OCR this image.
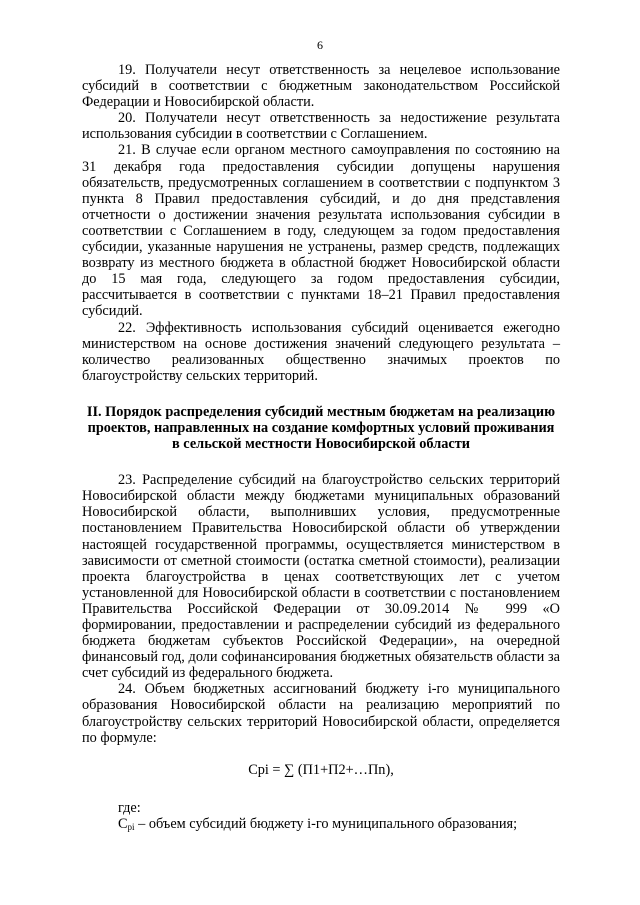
6

19. Получатели несут ответственность за нецелевое использование субсидий в соответствии с бюджетным законодательством Российской Федерации и Новосибирской области.

20. Получатели несут ответственность за недостижение результата использования субсидии в соответствии с Соглашением.

21. В случае если органом местного самоуправления по состоянию на 31 декабря года предоставления субсидии допущены нарушения обязательств, предусмотренных соглашением в соответствии с подпунктом 3 пункта 8 Правил предоставления субсидий, и до дня представления отчетности о достижении значения результата использования субсидии в соответствии с Соглашением в году, следующем за годом предоставления субсидии, указанные нарушения не устранены, размер средств, подлежащих возврату из местного бюджета в областной бюджет Новосибирской области до 15 мая года, следующего за годом предоставления субсидии, рассчитывается в соответствии с пунктами 18–21 Правил предоставления субсидий.

22. Эффективность использования субсидий оценивается ежегодно министерством на основе достижения значений следующего результата – количество реализованных общественно значимых проектов по благоустройству сельских территорий.

II. Порядок распределения субсидий местным бюджетам на реализацию проектов, направленных на создание комфортных условий проживания в сельской местности Новосибирской области

23. Распределение субсидий на благоустройство сельских территорий Новосибирской области между бюджетами муниципальных образований Новосибирской области, выполнивших условия, предусмотренные постановлением Правительства Новосибирской области об утверждении настоящей государственной программы, осуществляется министерством в зависимости от сметной стоимости (остатка сметной стоимости), реализации проекта благоустройства в ценах соответствующих лет с учетом установленной для Новосибирской области в соответствии с постановлением Правительства Российской Федерации от 30.09.2014 № 999 «О формировании, предоставлении и распределении субсидий из федерального бюджета бюджетам субъектов Российской Федерации», на очередной финансовый год, доли софинансирования бюджетных обязательств области за счет субсидий из федерального бюджета.

24. Объем бюджетных ассигнований бюджету i-го муниципального образования Новосибирской области на реализацию мероприятий по благоустройству сельских территорий Новосибирской области, определяется по формуле:

Cpi = ∑ (П1+П2+…Пn),

где:

$С_{pi}$ – объем субсидий бюджету i-го муниципального образования;
